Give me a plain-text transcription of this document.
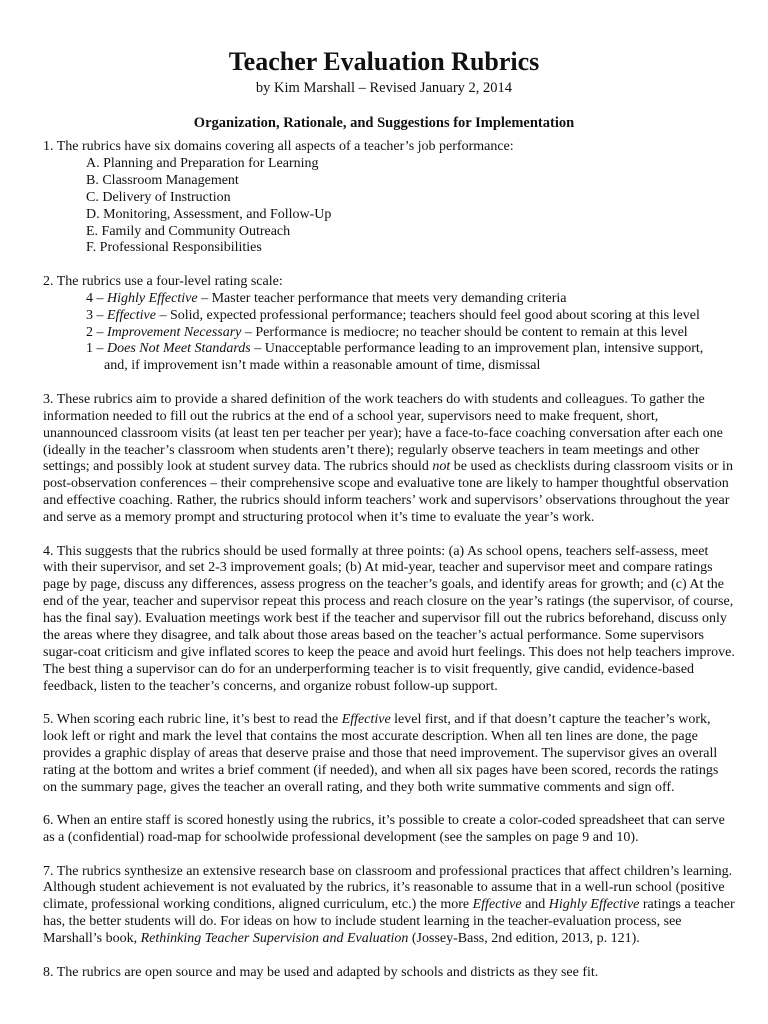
Teacher Evaluation Rubrics
by Kim Marshall – Revised January 2, 2014
Organization, Rationale, and Suggestions for Implementation

1. The rubrics have six domains covering all aspects of a teacher’s job performance:
A. Planning and Preparation for Learning
B. Classroom Management
C. Delivery of Instruction
D. Monitoring, Assessment, and Follow-Up
E. Family and Community Outreach
F. Professional Responsibilities

2. The rubrics use a four-level rating scale:
4 – Highly Effective – Master teacher performance that meets very demanding criteria
3 – Effective – Solid, expected professional performance; teachers should feel good about scoring at this level
2 – Improvement Necessary – Performance is mediocre; no teacher should be content to remain at this level
1 – Does Not Meet Standards – Unacceptable performance leading to an improvement plan, intensive support,
and, if improvement isn’t made within a reasonable amount of time, dismissal

3. These rubrics aim to provide a shared definition of the work teachers do with students and colleagues. To gather the information needed to fill out the rubrics at the end of a school year, supervisors need to make frequent, short, unannounced classroom visits (at least ten per teacher per year); have a face-to-face coaching conversation after each one (ideally in the teacher’s classroom when students aren’t there); regularly observe teachers in team meetings and other settings; and possibly look at student survey data. The rubrics should not be used as checklists during classroom visits or in post-observation conferences – their comprehensive scope and evaluative tone are likely to hamper thoughtful observation and effective coaching. Rather, the rubrics should inform teachers’ work and supervisors’ observations throughout the year and serve as a memory prompt and structuring protocol when it’s time to evaluate the year’s work.

4. This suggests that the rubrics should be used formally at three points: (a) As school opens, teachers self-assess, meet with their supervisor, and set 2-3 improvement goals; (b) At mid-year, teacher and supervisor meet and compare ratings page by page, discuss any differences, assess progress on the teacher’s goals, and identify areas for growth; and (c) At the end of the year, teacher and supervisor repeat this process and reach closure on the year’s ratings (the supervisor, of course, has the final say). Evaluation meetings work best if the teacher and supervisor fill out the rubrics beforehand, discuss only the areas where they disagree, and talk about those areas based on the teacher’s actual performance. Some supervisors sugar-coat criticism and give inflated scores to keep the peace and avoid hurt feelings. This does not help teachers improve. The best thing a supervisor can do for an underperforming teacher is to visit frequently, give candid, evidence-based feedback, listen to the teacher’s concerns, and organize robust follow-up support.

5. When scoring each rubric line, it’s best to read the Effective level first, and if that doesn’t capture the teacher’s work, look left or right and mark the level that contains the most accurate description. When all ten lines are done, the page provides a graphic display of areas that deserve praise and those that need improvement. The supervisor gives an overall rating at the bottom and writes a brief comment (if needed), and when all six pages have been scored, records the ratings on the summary page, gives the teacher an overall rating, and they both write summative comments and sign off.

6. When an entire staff is scored honestly using the rubrics, it’s possible to create a color-coded spreadsheet that can serve as a (confidential) road-map for schoolwide professional development (see the samples on page 9 and 10).

7. The rubrics synthesize an extensive research base on classroom and professional practices that affect children’s learning. Although student achievement is not evaluated by the rubrics, it’s reasonable to assume that in a well-run school (positive climate, professional working conditions, aligned curriculum, etc.) the more Effective and Highly Effective ratings a teacher has, the better students will do. For ideas on how to include student learning in the teacher-evaluation process, see Marshall’s book, Rethinking Teacher Supervision and Evaluation (Jossey-Bass, 2nd edition, 2013, p. 121).

8. The rubrics are open source and may be used and adapted by schools and districts as they see fit.
